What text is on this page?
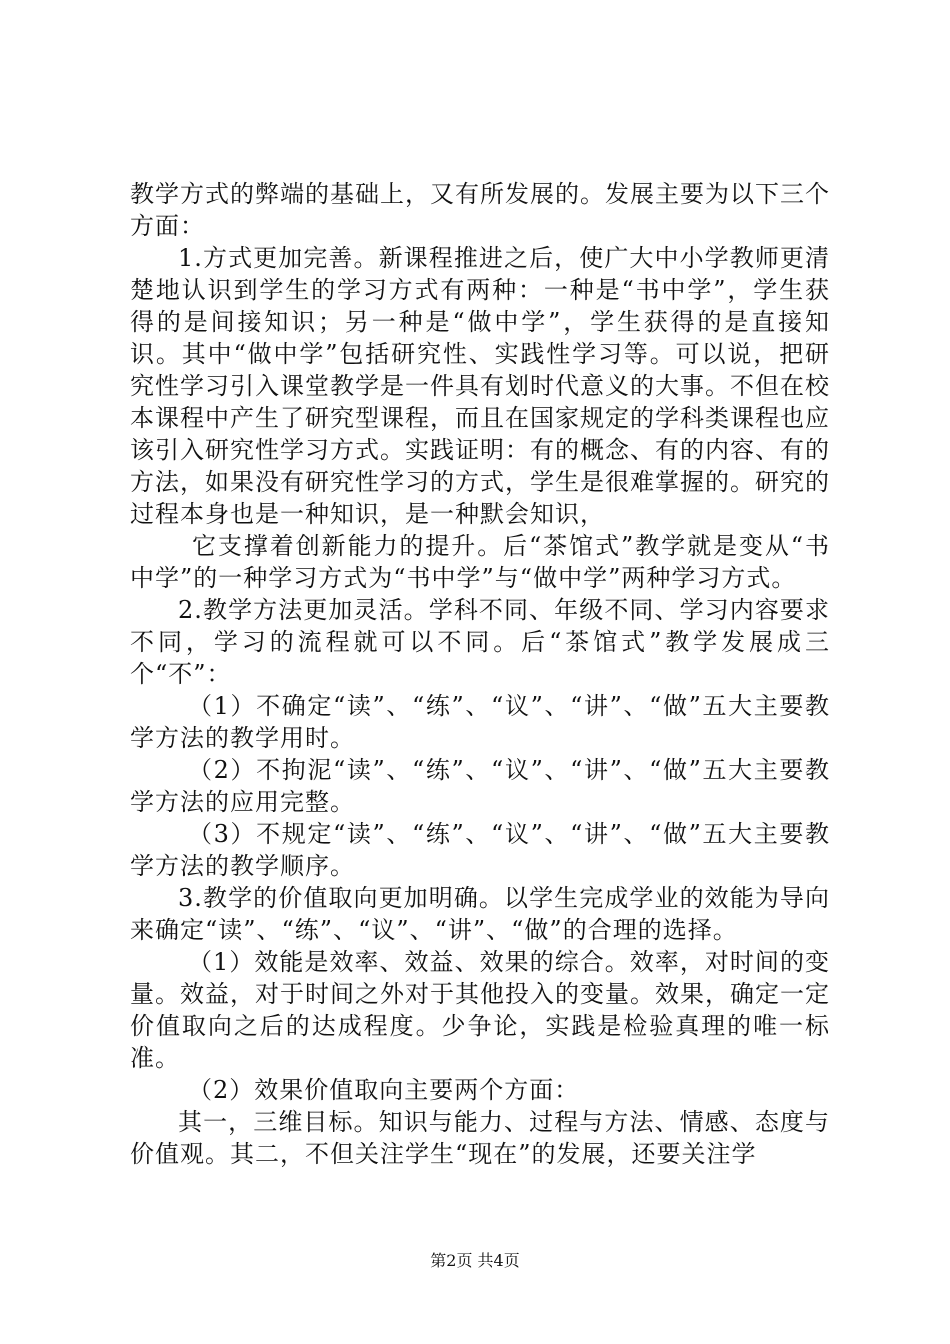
教学方式的弊端的基础上，又有所发展的。发展主要为以下三个方面：

1.方式更加完善。新课程推进之后，使广大中小学教师更清楚地认识到学生的学习方式有两种：一种是“书中学”，学生获得的是间接知识；另一种是“做中学”，学生获得的是直接知识。其中“做中学”包括研究性、实践性学习等。可以说，把研究性学习引入课堂教学是一件具有划时代意义的大事。不但在校本课程中产生了研究型课程，而且在国家规定的学科类课程也应该引入研究性学习方式。实践证明：有的概念、有的内容、有的方法，如果没有研究性学习的方式，学生是很难掌握的。研究的过程本身也是一种知识，是一种默会知识，

它支撑着创新能力的提升。后“茶馆式”教学就是变从“书中学”的一种学习方式为“书中学”与“做中学”两种学习方式。

2.教学方法更加灵活。学科不同、年级不同、学习内容要求不同，学习的流程就可以不同。后“茶馆式”教学发展成三个“不”：

（1）不确定“读”、“练”、“议”、“讲”、“做”五大主要教学方法的教学用时。

（2）不拘泥“读”、“练”、“议”、“讲”、“做”五大主要教学方法的应用完整。

（3）不规定“读”、“练”、“议”、“讲”、“做”五大主要教学方法的教学顺序。

3.教学的价值取向更加明确。以学生完成学业的效能为导向来确定“读”、“练”、“议”、“讲”、“做”的合理的选择。

（1）效能是效率、效益、效果的综合。效率，对时间的变量。效益，对于时间之外对于其他投入的变量。效果，确定一定价值取向之后的达成程度。少争论，实践是检验真理的唯一标准。

（2）效果价值取向主要两个方面：

其一，三维目标。知识与能力、过程与方法、情感、态度与价值观。其二，不但关注学生“现在”的发展，还要关注学

第2页 共4页
